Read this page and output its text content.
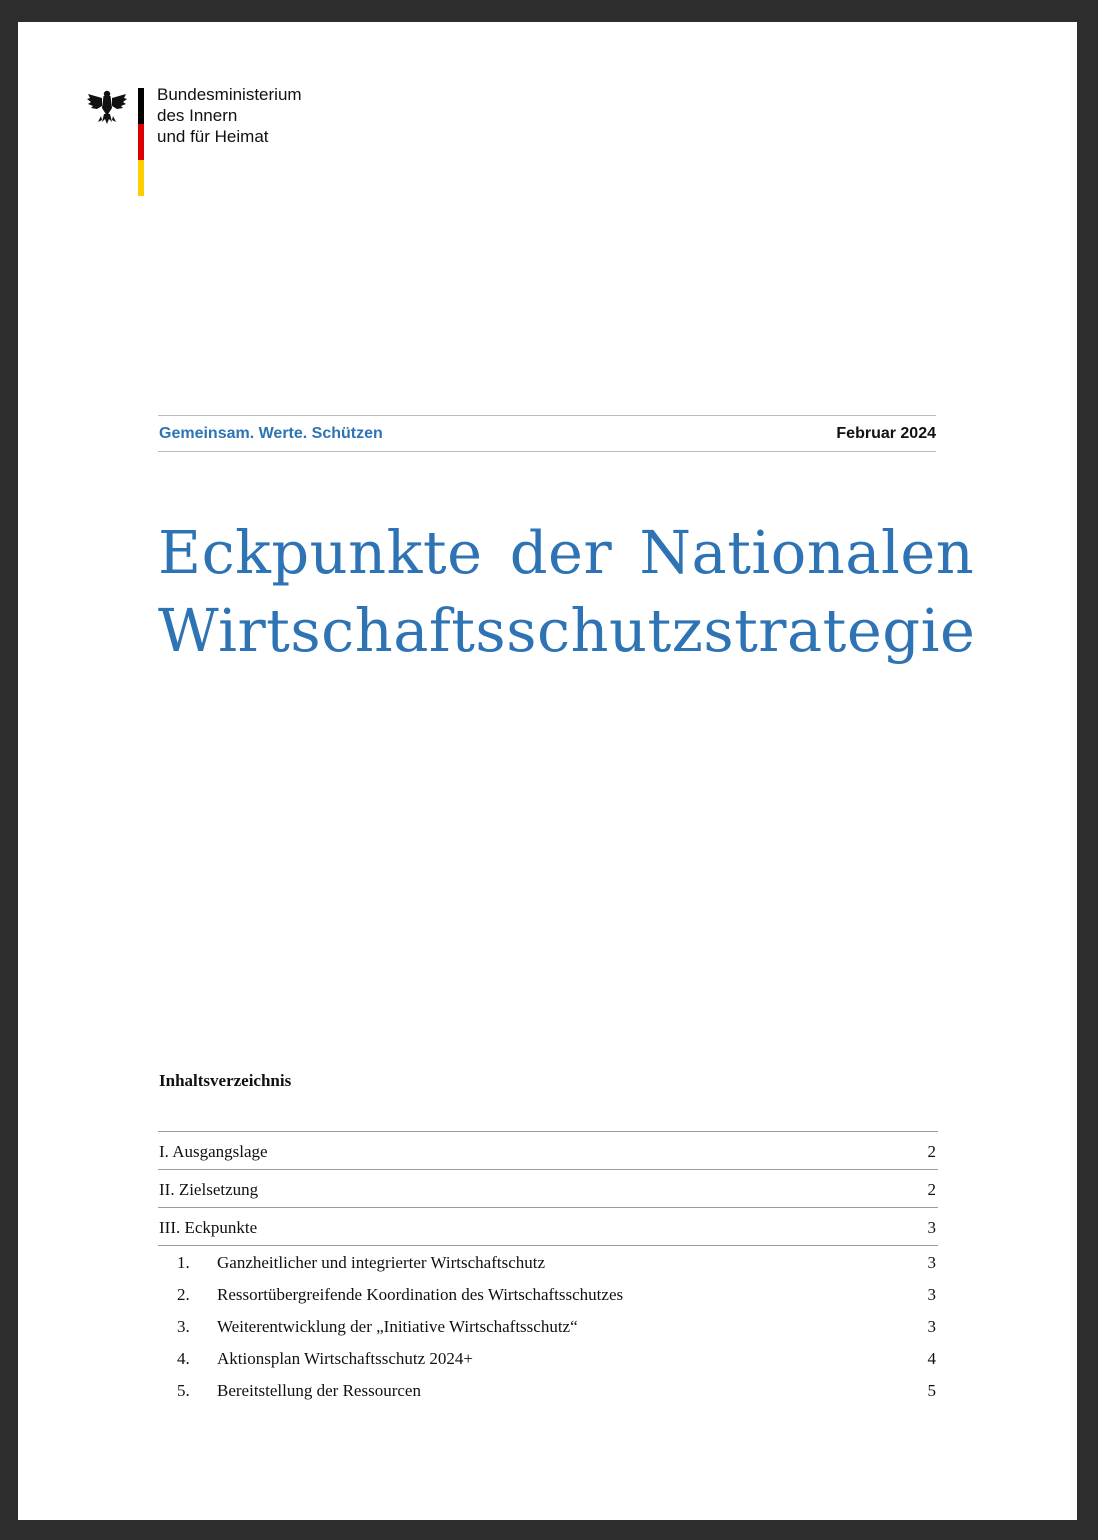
Bundesministerium
des Innern
und für Heimat
Gemeinsam. Werte. Schützen	Februar 2024
Eckpunkte der Nationalen
Wirtschaftsschutzstrategie
Inhaltsverzeichnis
I. Ausgangslage	2
II. Zielsetzung	2
III. Eckpunkte	3
1. Ganzheitlicher und integrierter Wirtschaftschutz	3
2. Ressortübergreifende Koordination des Wirtschaftsschutzes	3
3. Weiterentwicklung der „Initiative Wirtschaftsschutz“	3
4. Aktionsplan Wirtschaftsschutz 2024+	4
5. Bereitstellung der Ressourcen	5
